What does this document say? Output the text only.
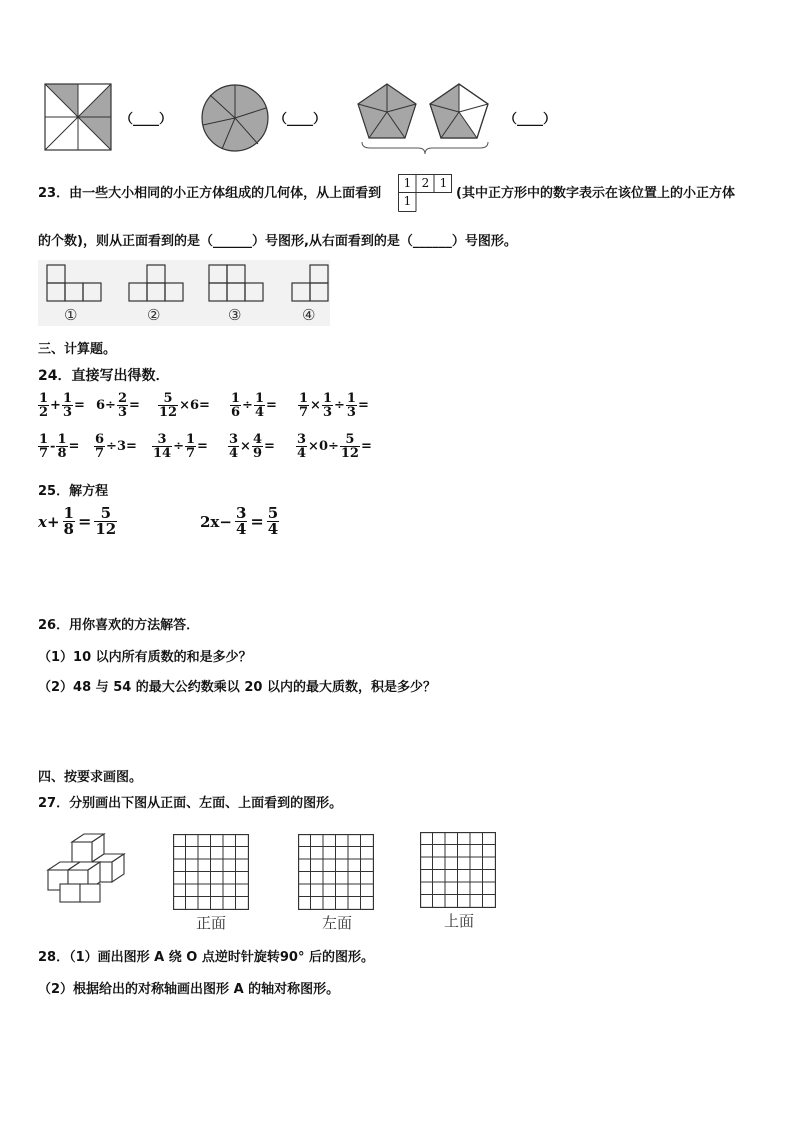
（____）	（____）	（____）
23．由一些大小相同的小正方体组成的几何体，从上面看到
1 2 1
1	(其中正方形中的数字表示在该位置上的小正方体
的个数)，则从正面看到的是（______）号图形,从右面看到的是（______）号图形。
①	②	③	④
三、计算题。
24．直接写出得数．
$\frac{1}{2} + \frac{1}{3} = 6\div \frac{2}{3} = \frac{5}{12} \times 6= \frac{1}{6} \div \frac{1}{4} = \frac{1}{7} \times \frac{1}{3} \div \frac{1}{3}$ =
$\frac{1}{7} - \frac{1}{8} = \frac{6}{7} \div 3= \frac{3}{14} \div \frac{1}{7} = \frac{3}{4} \times \frac{4}{9} = \frac{3}{4} \times 0\div \frac{5}{12}$ =
25．解方程
$x+ \frac{1}{8} = \frac{5}{12}$	$2x- \frac{3}{4} = \frac{5}{4}$
26．用你喜欢的方法解答．
（1）10 以内所有质数的和是多少？
（2）48 与 54 的最大公约数乘以 20 以内的最大质数，积是多少？
四、按要求画图。
27．分别画出下图从正面、左面、上面看到的图形。
正面	左面	上面
28．（1）画出图形 A 绕 O 点逆时针旋转90° 后的图形。
（2）根据给出的对称轴画出图形 A 的轴对称图形。
